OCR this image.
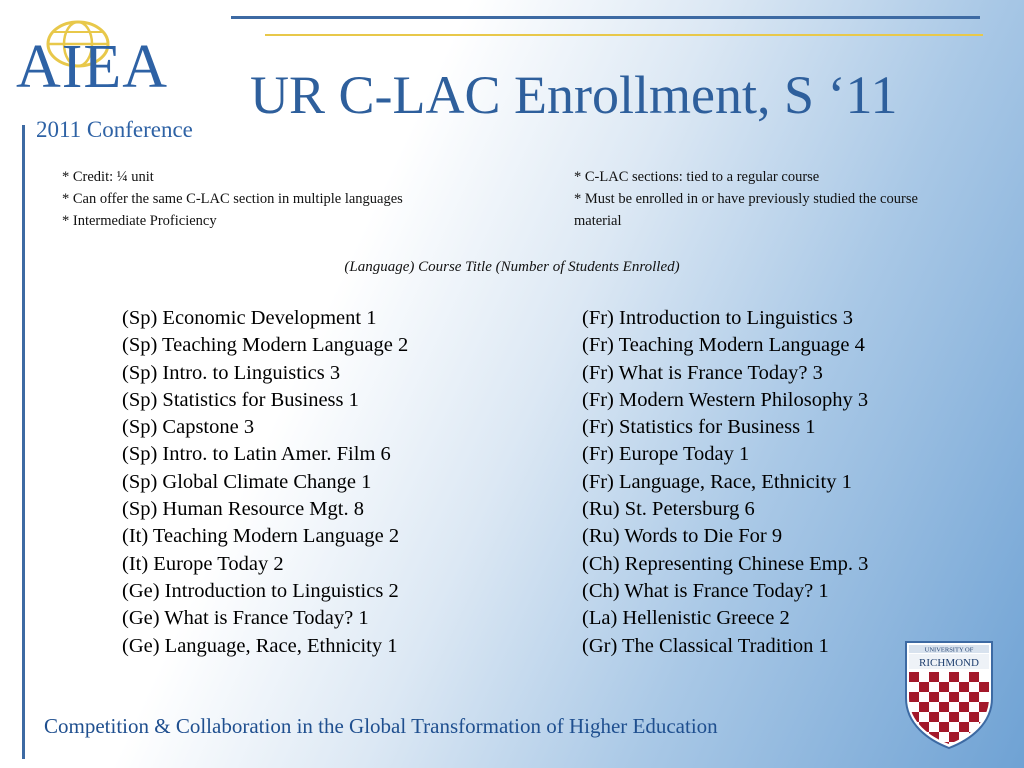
AIEA
2011 Conference
UR C-LAC Enrollment, S ‘11
* Credit: ¼ unit
* Can offer the same C-LAC section in multiple languages
* Intermediate Proficiency
* C-LAC sections: tied to a regular course
* Must be enrolled in or have previously studied the course material
(Language) Course Title (Number of Students Enrolled)
(Sp) Economic Development 1
(Sp) Teaching Modern Language 2
(Sp) Intro. to Linguistics 3
(Sp) Statistics for Business 1
(Sp) Capstone 3
(Sp) Intro. to Latin Amer. Film 6
(Sp) Global Climate Change 1
(Sp) Human Resource Mgt. 8
(It) Teaching Modern Language 2
(It) Europe Today 2
(Ge) Introduction to Linguistics 2
(Ge) What is France Today? 1
(Ge) Language, Race, Ethnicity 1
(Fr) Introduction to Linguistics 3
(Fr) Teaching Modern Language 4
(Fr) What is France Today? 3
(Fr) Modern Western Philosophy 3
(Fr) Statistics for Business 1
(Fr) Europe Today 1
(Fr) Language, Race, Ethnicity 1
(Ru) St. Petersburg 6
(Ru) Words to Die For 9
(Ch) Representing Chinese Emp. 3
(Ch) What is France Today? 1
(La) Hellenistic Greece 2
(Gr) The Classical Tradition 1
Competition & Collaboration in the Global Transformation of Higher Education
UNIVERSITY OF
RICHMOND
